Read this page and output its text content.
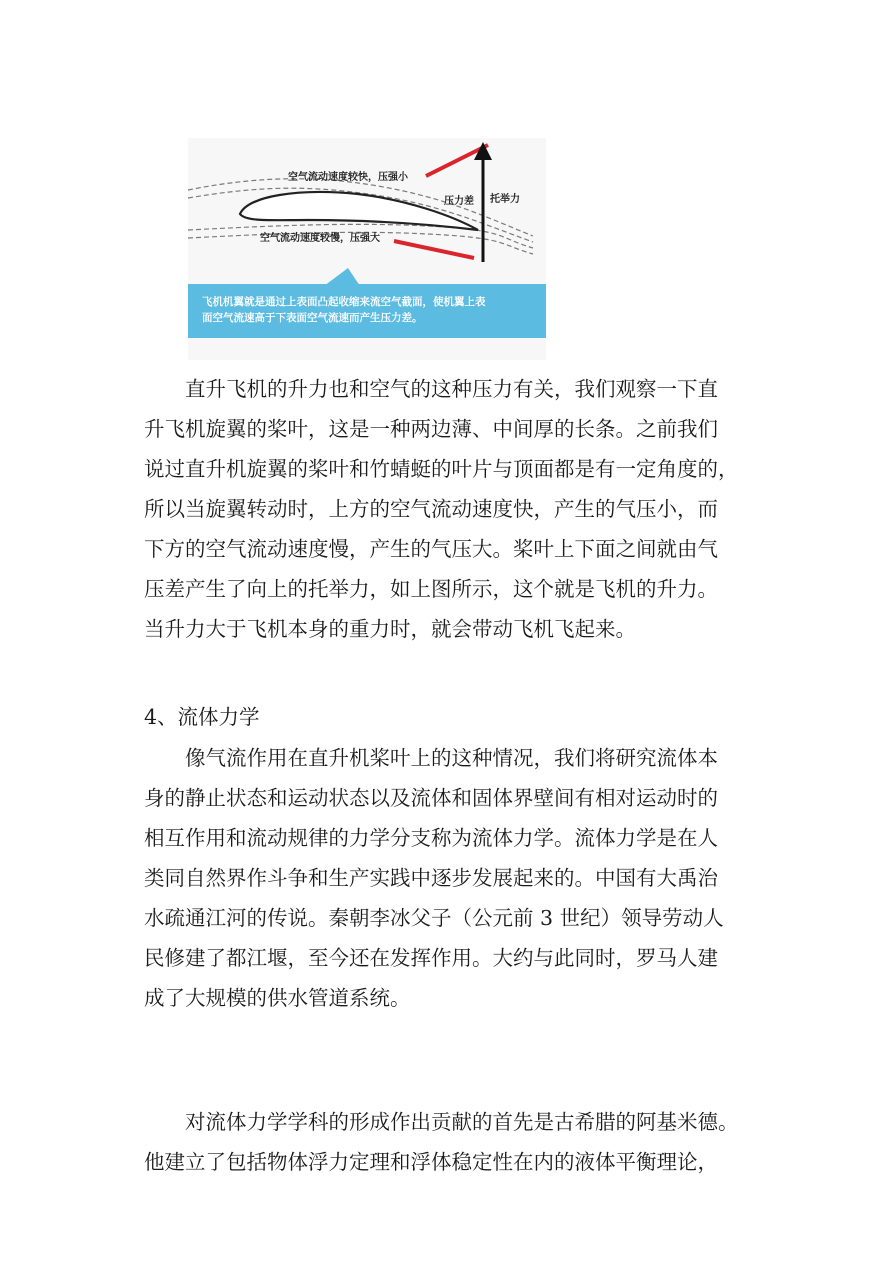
空气流动速度较快，压强小
空气流动速度较慢，压强大
压力差 托举力
飞机机翼就是通过上表面凸起收缩来流空气截面，使机翼上表
面空气流速高于下表面空气流速而产生压力差。
直升飞机的升力也和空气的这种压力有关，我们观察一下直
升飞机旋翼的桨叶，这是一种两边薄、中间厚的长条。之前我们
说过直升机旋翼的桨叶和竹蜻蜓的叶片与顶面都是有一定角度的，
所以当旋翼转动时，上方的空气流动速度快，产生的气压小，而
下方的空气流动速度慢，产生的气压大。桨叶上下面之间就由气
压差产生了向上的托举力，如上图所示，这个就是飞机的升力。
当升力大于飞机本身的重力时，就会带动飞机飞起来。
4、流体力学
像气流作用在直升机桨叶上的这种情况，我们将研究流体本
身的静止状态和运动状态以及流体和固体界壁间有相对运动时的
相互作用和流动规律的力学分支称为流体力学。流体力学是在人
类同自然界作斗争和生产实践中逐步发展起来的。中国有大禹治
水疏通江河的传说。秦朝李冰父子（公元前 3 世纪）领导劳动人
民修建了都江堰，至今还在发挥作用。大约与此同时，罗马人建
成了大规模的供水管道系统。
对流体力学学科的形成作出贡献的首先是古希腊的阿基米德。
他建立了包括物体浮力定理和浮体稳定性在内的液体平衡理论，
